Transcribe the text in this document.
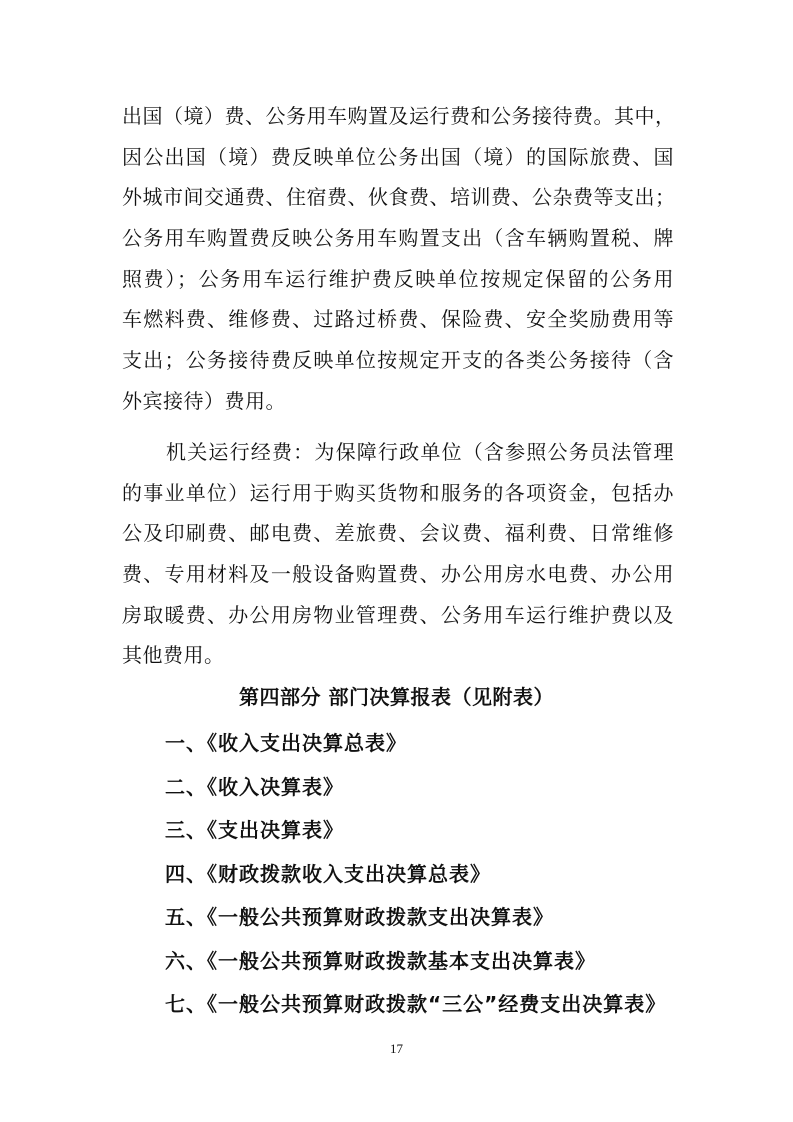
出国（境）费、公务用车购置及运行费和公务接待费。其中，
因公出国（境）费反映单位公务出国（境）的国际旅费、国
外城市间交通费、住宿费、伙食费、培训费、公杂费等支出；
公务用车购置费反映公务用车购置支出（含车辆购置税、牌
照费）；公务用车运行维护费反映单位按规定保留的公务用
车燃料费、维修费、过路过桥费、保险费、安全奖励费用等
支出；公务接待费反映单位按规定开支的各类公务接待（含
外宾接待）费用。
机关运行经费：为保障行政单位（含参照公务员法管理
的事业单位）运行用于购买货物和服务的各项资金，包括办
公及印刷费、邮电费、差旅费、会议费、福利费、日常维修
费、专用材料及一般设备购置费、办公用房水电费、办公用
房取暖费、办公用房物业管理费、公务用车运行维护费以及
其他费用。
第四部分 部门决算报表（见附表）
一、《收入支出决算总表》
二、《收入决算表》
三、《支出决算表》
四、《财政拨款收入支出决算总表》
五、《一般公共预算财政拨款支出决算表》
六、《一般公共预算财政拨款基本支出决算表》
七、《一般公共预算财政拨款“三公”经费支出决算表》
17
